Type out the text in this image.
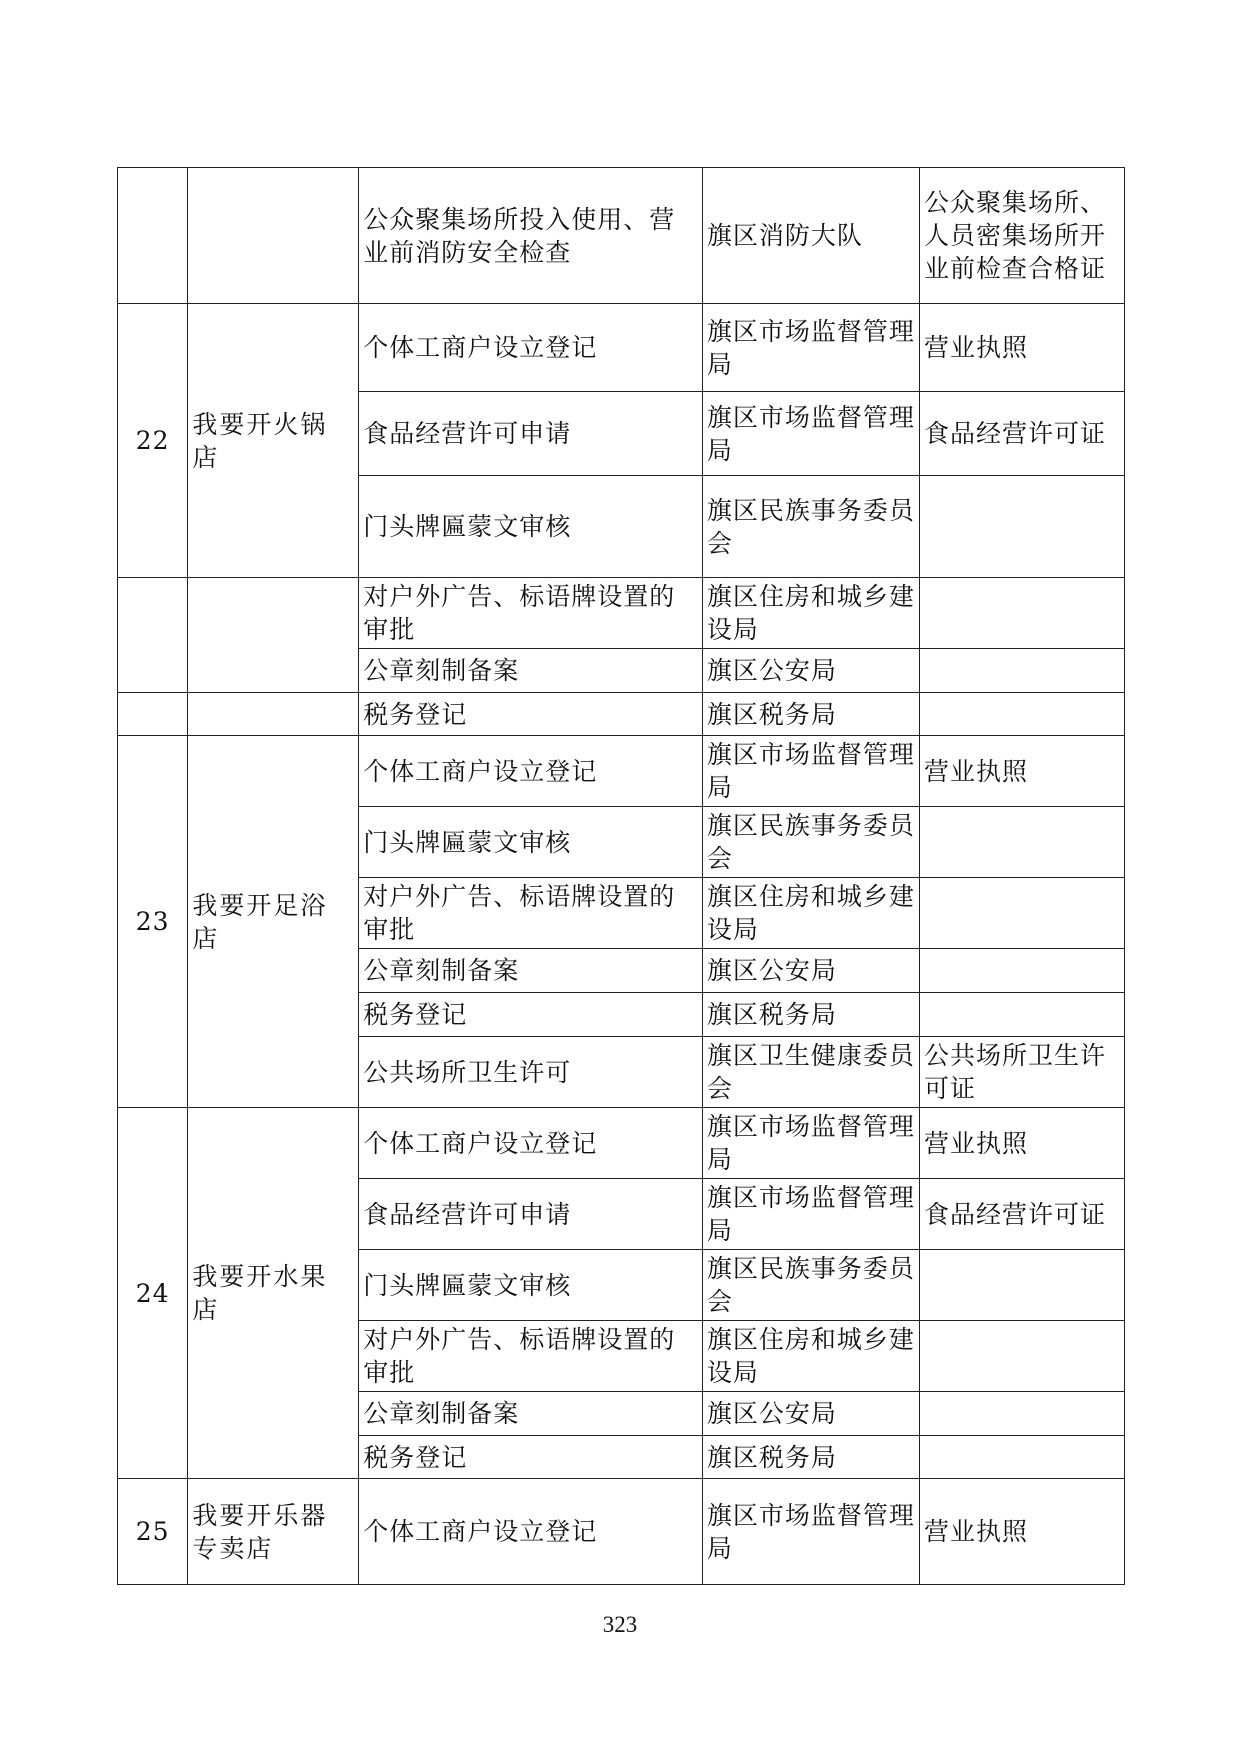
		公众聚集场所投入使用、营业前消防安全检查	旗区消防大队	公众聚集场所、人员密集场所开业前检查合格证
22	我要开火锅店	个体工商户设立登记	旗区市场监督管理局	营业执照
		食品经营许可申请	旗区市场监督管理局	食品经营许可证
		门头牌匾蒙文审核	旗区民族事务委员会	
		对户外广告、标语牌设置的审批	旗区住房和城乡建设局	
		公章刻制备案	旗区公安局	
		税务登记	旗区税务局	
23	我要开足浴店	个体工商户设立登记	旗区市场监督管理局	营业执照
		门头牌匾蒙文审核	旗区民族事务委员会	
		对户外广告、标语牌设置的审批	旗区住房和城乡建设局	
		公章刻制备案	旗区公安局	
		税务登记	旗区税务局	
		公共场所卫生许可	旗区卫生健康委员会	公共场所卫生许可证
24	我要开水果店	个体工商户设立登记	旗区市场监督管理局	营业执照
		食品经营许可申请	旗区市场监督管理局	食品经营许可证
		门头牌匾蒙文审核	旗区民族事务委员会	
		对户外广告、标语牌设置的审批	旗区住房和城乡建设局	
		公章刻制备案	旗区公安局	
		税务登记	旗区税务局	
25	我要开乐器专卖店	个体工商户设立登记	旗区市场监督管理局	营业执照
323
